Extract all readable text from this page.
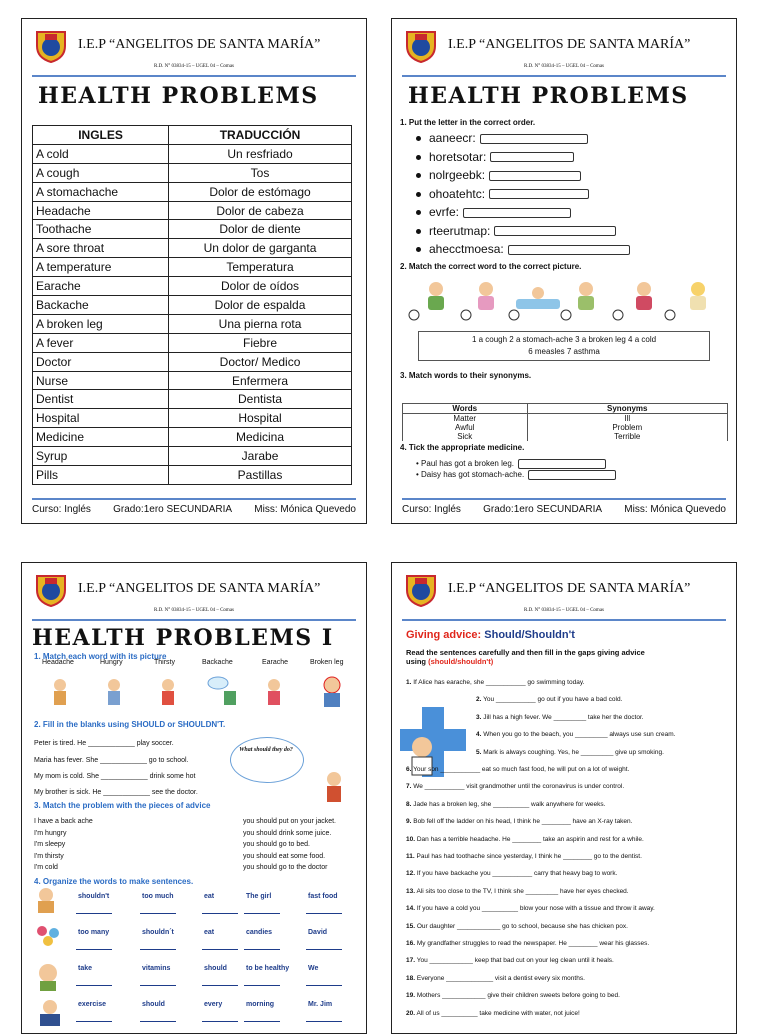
I.E.P “ANGELITOS DE SANTA MARÍA”
R.D. N° 03834-15 – UGEL 04 – Comas
HEALTH PROBLEMS
INGLES	TRADUCCIÓN
A cold	Un resfriado
A cough	Tos
A stomachache	Dolor de estómago
Headache	Dolor de cabeza
Toothache	Dolor de diente
A sore throat	Un dolor de garganta
A temperature	Temperatura
Earache	Dolor de oídos
Backache	Dolor de espalda
A broken leg	Una pierna rota
A fever	Fiebre
Doctor	Doctor/ Medico
Nurse	Enfermera
Dentist	Dentista
Hospital	Hospital
Medicine	Medicina
Syrup	Jarabe
Pills	Pastillas
Curso: Inglés Grado:1ero SECUNDARIA Miss: Mónica Quevedo
I.E.P “ANGELITOS DE SANTA MARÍA”
R.D. N° 03834-15 – UGEL 04 – Comas
HEALTH PROBLEMS
1. Put the letter in the correct order.
aaneecr:
horetsotar:
nolrgeebk:
ohoatehtc:
evrfe:
rteerutmap:
ahecctmoesa:
2. Match the correct word to the correct picture.
1 a cough 2 a stomach-ache 3 a broken leg 4 a cold
6 measles 7 asthma
3. Match words to their synonyms.
Words	Synonyms
Matter	Ill
Awful	Problem
Sick	Terrible
4. Tick the appropriate medicine.
• Paul has got a broken leg.
• Daisy has got stomach-ache.
Curso: Inglés Grado:1ero SECUNDARIA Miss: Mónica Quevedo
I.E.P “ANGELITOS DE SANTA MARÍA”
R.D. N° 03834-15 – UGEL 04 – Comas
HEALTH PROBLEMS I
1. Match each word with its picture
Headache	Hungry	Thirsty	Backache	Earache	Broken leg
2. Fill in the blanks using SHOULD or SHOULDN'T.
Peter is tired. He ____________ play soccer.
Maria has fever. She ____________ go to school.
My mom is cold. She ____________ drink some hot
My brother is sick. He ____________ see the doctor.
What should they do?
3. Match the problem with the pieces of advice
I have a back ache	you should put on your jacket.
I'm hungry	you should drink some juice.
I'm sleepy	you should go to bed.
I'm thirsty	you should eat some food.
I'm cold	you should go to the doctor
4. Organize the words to make sentences.
shouldn't	too much	eat	The girl	fast food
too many	shouldn´t	eat	candies	David
take	vitamins	should	to be healthy	We
exercise	should	every	morning	Mr. Jim
I.E.P “ANGELITOS DE SANTA MARÍA”
R.D. N° 03834-15 – UGEL 04 – Comas
Giving advice: Should/Shouldn't
Read the sentences carefully and then fill in the gaps giving advice
using (should/shouldn't)
1. If Alice has earache, she ___________ go swimming today.
2. You ___________ go out if you have a bad cold.
3. Jill has a high fever. We _________ take her the doctor.
4. When you go to the beach, you _________ always use sun cream.
5. Mark is always coughing. Yes, he _________ give up smoking.
6. Your son ___________ eat so much fast food, he will put on a lot of weight.
7. We ___________ visit grandmother until the coronavirus is under control.
8. Jade has a broken leg, she __________ walk anywhere for weeks.
9. Bob fell off the ladder on his head, I think he ________ have an X-ray taken.
10. Dan has a terrible headache. He ________ take an aspirin and rest for a while.
11. Paul has had toothache since yesterday, I think he ________ go to the dentist.
12. If you have backache you ___________ carry that heavy bag to work.
13. Ali sits too close to the TV, I think she _________ have her eyes checked.
14. If you have a cold you __________ blow your nose with a tissue and throw it away.
15. Our daughter ____________ go to school, because she has chicken pox.
16. My grandfather struggles to read the newspaper. He ________ wear his glasses.
17. You ____________ keep that bad cut on your leg clean until it heals.
18. Everyone _____________ visit a dentist every six months.
19. Mothers ____________ give their children sweets before going to bed.
20. All of us __________ take medicine with water, not juice!
